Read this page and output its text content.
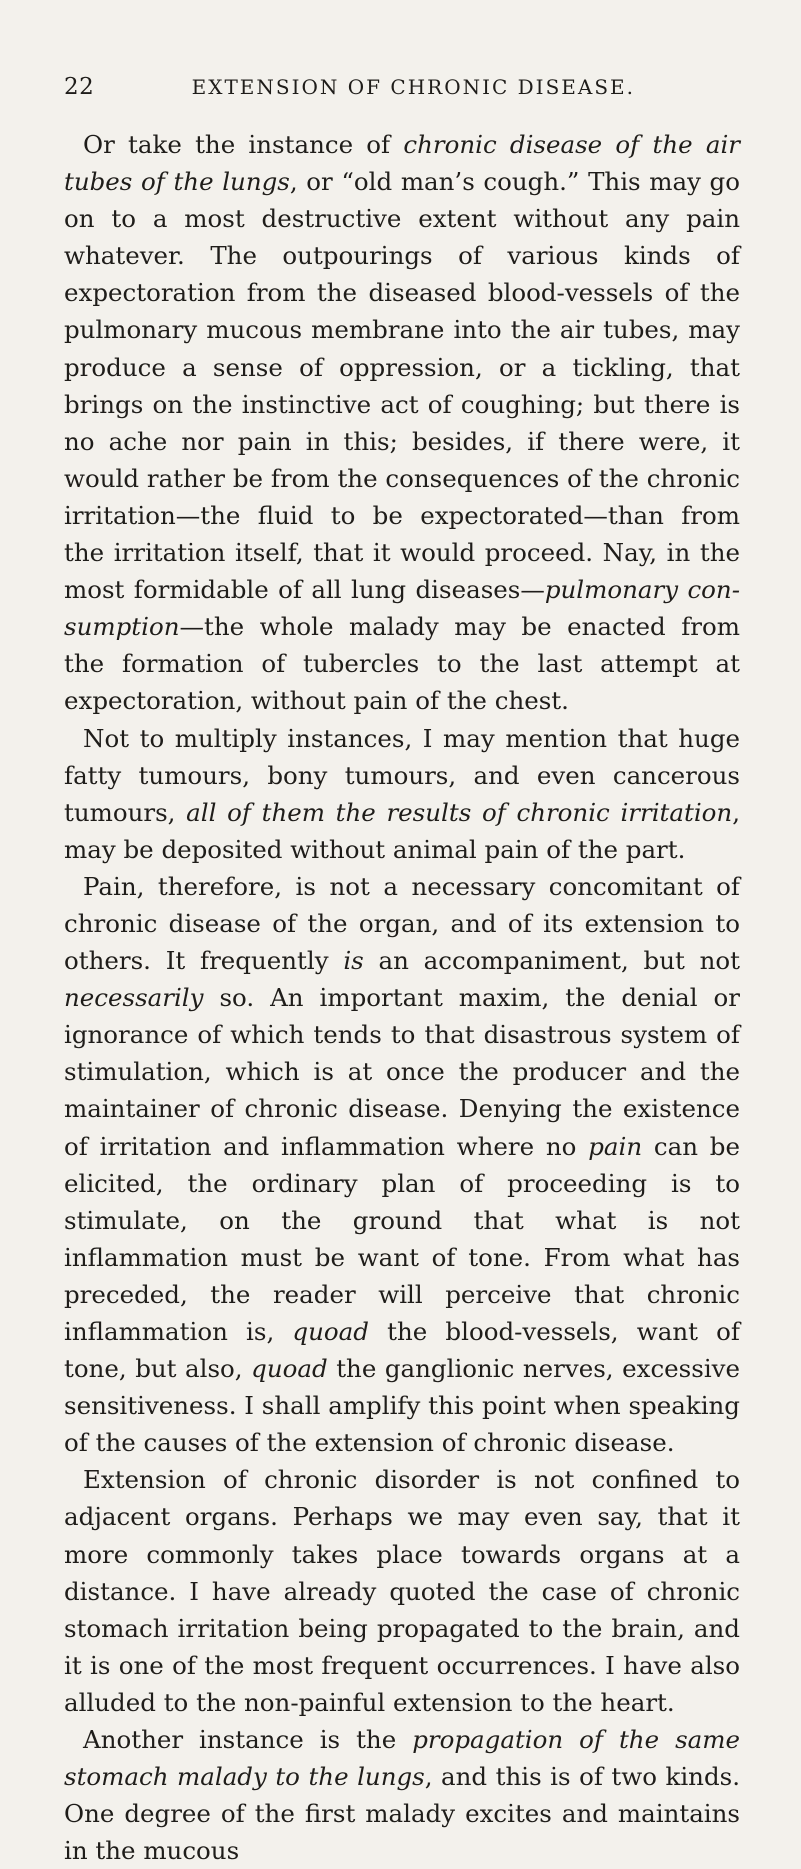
22	EXTENSION OF CHRONIC DISEASE.

Or take the instance of chronic disease of the air tubes of the lungs, or “old man’s cough.” This may go on to a most destructive extent without any pain whatever. The outpourings of various kinds of expectoration from the diseased blood-vessels of the pulmonary mucous membrane into the air tubes, may produce a sense of oppression, or a tickling, that brings on the instinctive act of coughing; but there is no ache nor pain in this; besides, if there were, it would rather be from the consequences of the chronic irritation—the fluid to be expectorated—than from the irritation itself, that it would proceed. Nay, in the most formidable of all lung diseases—pulmonary consumption—the whole malady may be enacted from the formation of tubercles to the last attempt at expectoration, without pain of the chest.

Not to multiply instances, I may mention that huge fatty tumours, bony tumours, and even cancerous tumours, all of them the results of chronic irritation, may be deposited without animal pain of the part.

Pain, therefore, is not a necessary concomitant of chronic disease of the organ, and of its extension to others. It frequently is an accompaniment, but not necessarily so. An important maxim, the denial or ignorance of which tends to that disastrous system of stimulation, which is at once the producer and the maintainer of chronic disease. Denying the existence of irritation and inflammation where no pain can be elicited, the ordinary plan of proceeding is to stimulate, on the ground that what is not inflammation must be want of tone. From what has preceded, the reader will perceive that chronic inflammation is, quoad the blood-vessels, want of tone, but also, quoad the ganglionic nerves, excessive sensitiveness. I shall amplify this point when speaking of the causes of the extension of chronic disease.

Extension of chronic disorder is not confined to adjacent organs. Perhaps we may even say, that it more commonly takes place towards organs at a distance. I have already quoted the case of chronic stomach irritation being propagated to the brain, and it is one of the most frequent occurrences. I have also alluded to the non-painful extension to the heart.

Another instance is the propagation of the same stomach malady to the lungs, and this is of two kinds. One degree of the first malady excites and maintains in the mucous
